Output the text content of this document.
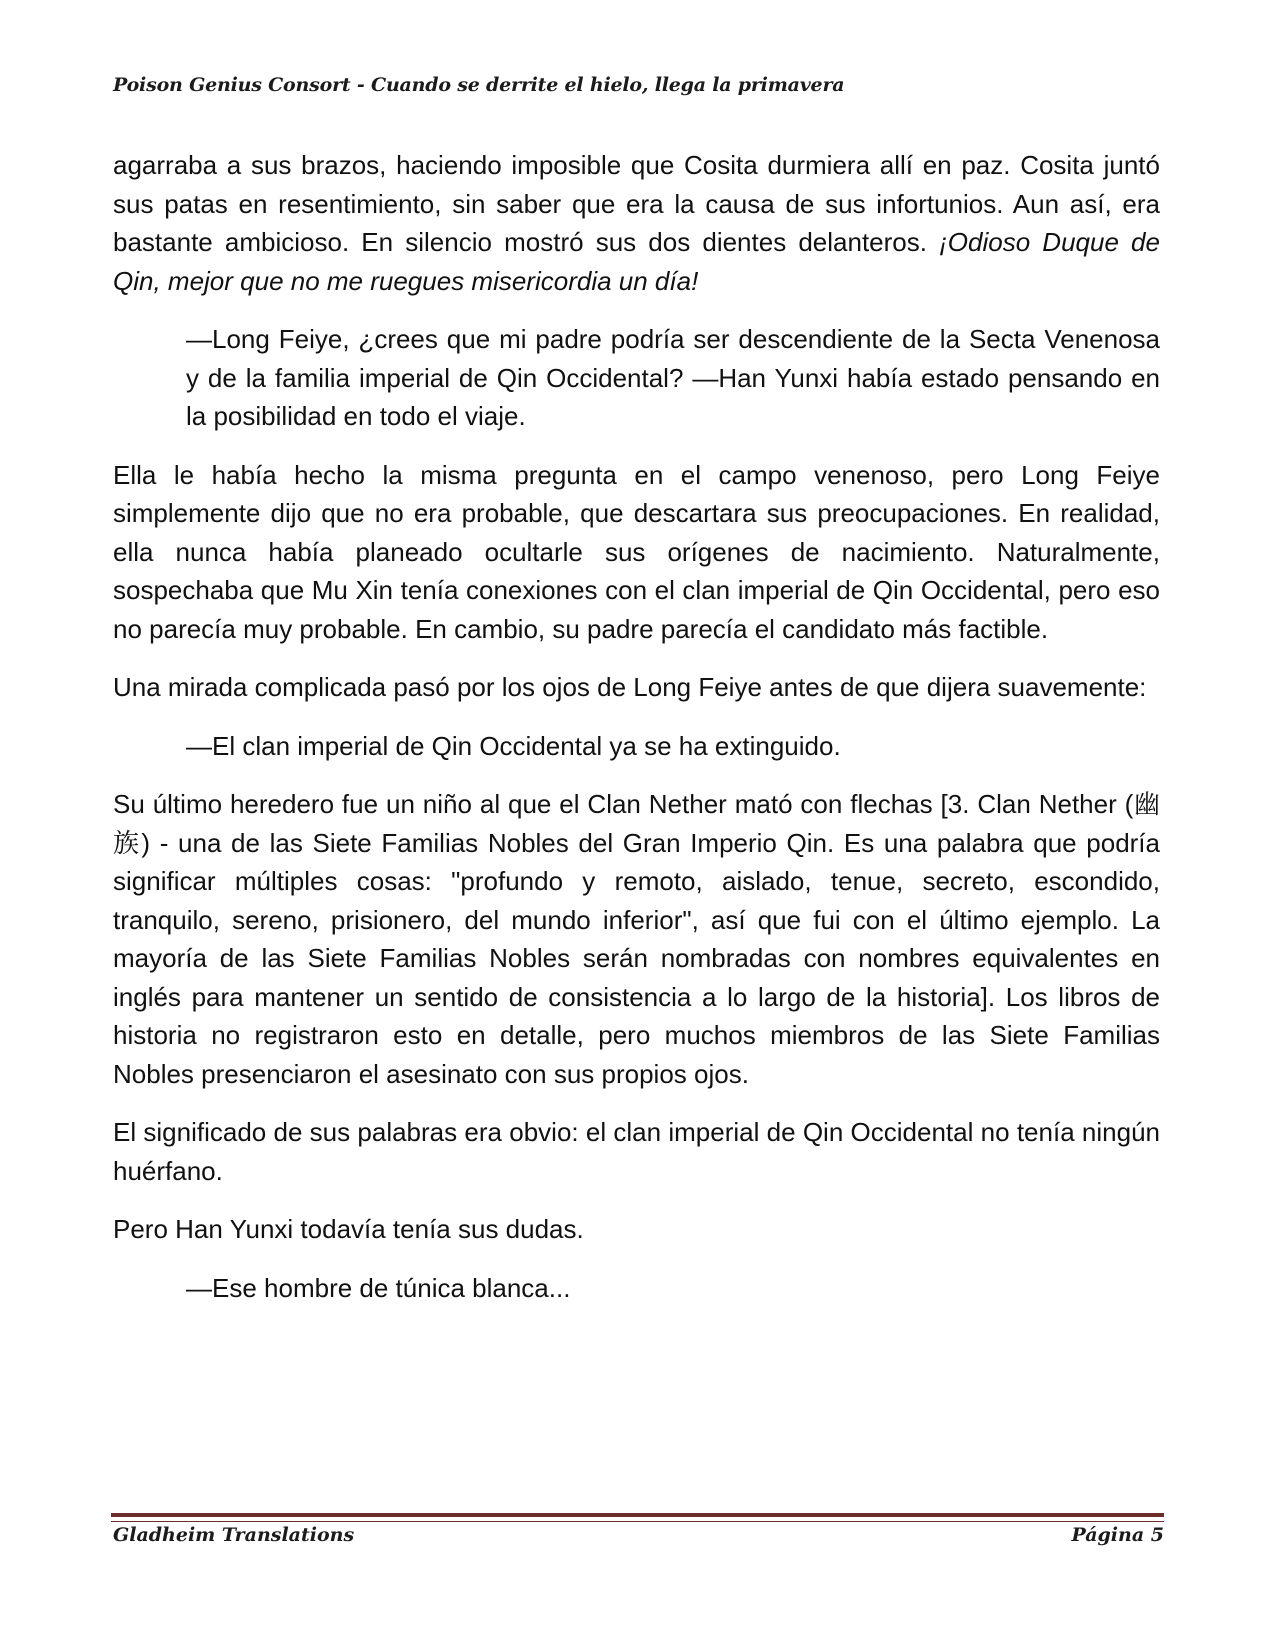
Poison Genius Consort - Cuando se derrite el hielo, llega la primavera

agarraba a sus brazos, haciendo imposible que Cosita durmiera allí en paz. Cosita juntó sus patas en resentimiento, sin saber que era la causa de sus infortunios. Aun así, era bastante ambicioso. En silencio mostró sus dos dientes delanteros. ¡Odioso Duque de Qin, mejor que no me ruegues misericordia un día!

—Long Feiye, ¿crees que mi padre podría ser descendiente de la Secta Venenosa y de la familia imperial de Qin Occidental? —Han Yunxi había estado pensando en la posibilidad en todo el viaje.

Ella le había hecho la misma pregunta en el campo venenoso, pero Long Feiye simplemente dijo que no era probable, que descartara sus preocupaciones. En realidad, ella nunca había planeado ocultarle sus orígenes de nacimiento. Naturalmente, sospechaba que Mu Xin tenía conexiones con el clan imperial de Qin Occidental, pero eso no parecía muy probable. En cambio, su padre parecía el candidato más factible.

Una mirada complicada pasó por los ojos de Long Feiye antes de que dijera suavemente:

—El clan imperial de Qin Occidental ya se ha extinguido.

Su último heredero fue un niño al que el Clan Nether mató con flechas [3. Clan Nether (幽族) - una de las Siete Familias Nobles del Gran Imperio Qin. Es una palabra que podría significar múltiples cosas: "profundo y remoto, aislado, tenue, secreto, escondido, tranquilo, sereno, prisionero, del mundo inferior", así que fui con el último ejemplo. La mayoría de las Siete Familias Nobles serán nombradas con nombres equivalentes en inglés para mantener un sentido de consistencia a lo largo de la historia]. Los libros de historia no registraron esto en detalle, pero muchos miembros de las Siete Familias Nobles presenciaron el asesinato con sus propios ojos.

El significado de sus palabras era obvio: el clan imperial de Qin Occidental no tenía ningún huérfano.

Pero Han Yunxi todavía tenía sus dudas.

—Ese hombre de túnica blanca...

Gladheim Translations	Página 5
